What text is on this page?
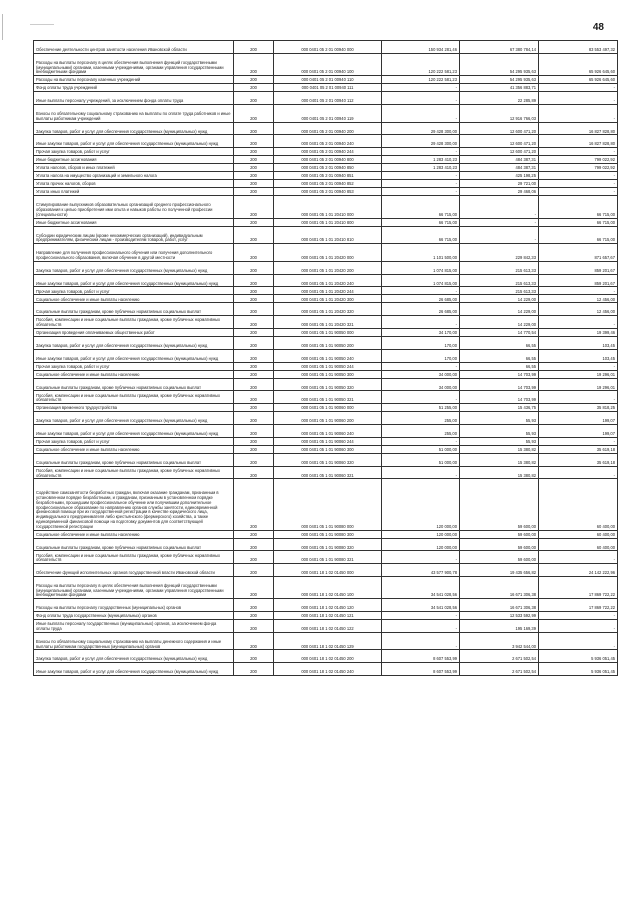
48
Обеспечение деятельности центров занятости населения Ивановской области	200	000 0401 05 2 01 00940 000	150 934 281,46	67 380 784,14	83 553 497,32
Расходы на выплаты персоналу в целях обеспечения выполнения функций государственными (муниципальными) органами, казенными учреждениями, органами управления государственными внебюджетными фондами	200	000 0401 05 2 01 00940 100	120 222 581,23	54 295 935,63	65 926 645,60
Расходы на выплаты персоналу казенных учреждений	200	000 0401 05 2 01 00940 110	120 222 581,23	54 295 935,63	65 926 645,60
Фонд оплаты труда учреждений	200	000 0401 05 2 01 00940 111	-	41 356 883,71	-
Иные выплаты персоналу учреждений, за исключением фонда оплаты труда	200	000 0401 05 2 01 00940 112	-	22 285,89	-
Взносы по обязательному социальному страхованию на выплаты по оплате труда работников и иные выплаты работникам учреждений	200	000 0401 05 2 01 00940 119	-	12 916 766,03	-
Закупка товаров, работ и услуг для обеспечения государственных (муниципальных) нужд	200	000 0401 05 2 01 00940 200	29 428 300,00	12 600 471,20	16 827 828,80
Иные закупки товаров, работ и услуг для обеспечения государственных (муниципальных) нужд	200	000 0401 05 2 01 00940 240	29 428 300,00	12 600 471,20	16 827 828,80
Прочая закупка товаров, работ и услуг	200	000 0401 05 2 01 00940 244	-	12 600 471,20	-
Иные бюджетные ассигнования	200	000 0401 05 2 01 00940 800	1 283 410,23	484 387,31	799 022,92
Уплата налогов, сборов и иных платежей	200	000 0401 05 2 01 00940 850	1 283 410,23	484 387,31	799 022,92
Уплата налога на имущество организаций и земельного налога	200	000 0401 05 2 01 00940 851	-	425 198,25	-
Уплата прочих налогов, сборов	200	000 0401 05 2 01 00940 852	-	29 721,00	-
Уплата иных платежей	200	000 0401 05 2 01 00940 853	-	29 468,06	-
Стимулирование выпускников образовательных организаций среднего профессионального образования к целью приобретения ими опыта и навыков работы по полученной профессии (специальности)	200	000 0401 05 1 01 20410 000	66 715,00	-	66 715,00
Иные бюджетные ассигнования	200	000 0401 05 1 01 20410 800	66 715,00	-	66 715,00
Субсидии юридическим лицам (кроме некоммерческих организаций), индивидуальным предпринимателям, физическим лицам - производителям товаров, работ, услуг	200	000 0401 05 1 01 20410 810	66 715,00	-	66 715,00
Направление для получения профессионального обучения или получения дополнительного профессионального образования, включая обучение в другой местности	200	000 0401 05 1 01 20420 000	1 101 500,00	229 842,33	871 657,67
Закупка товаров, работ и услуг для обеспечения государственных (муниципальных) нужд	200	000 0401 05 1 01 20420 200	1 074 815,00	215 613,33	859 201,67
Иные закупки товаров, работ и услуг для обеспечения государственных (муниципальных) нужд	200	000 0401 05 1 01 20420 240	1 074 815,00	215 613,33	859 201,67
Прочая закупка товаров, работ и услуг	200	000 0401 05 1 01 20420 244	-	215 613,33	-
Социальное обеспечение и иные выплаты населению	200	000 0401 05 1 01 20420 300	26 685,00	14 229,00	12 456,00
Социальные выплаты гражданам, кроме публичных нормативных социальных выплат	200	000 0401 05 1 01 20420 320	26 685,00	14 229,00	12 456,00
Пособия, компенсации и иные социальные выплаты гражданам, кроме публичных нормативных обязательств	200	000 0401 05 1 01 20420 321	-	14 229,00	-
Организация проведения оплачиваемых общественных работ	200	000 0401 05 1 01 90050 000	34 170,00	14 770,54	19 399,46
Закупка товаров, работ и услуг для обеспечения государственных (муниципальных) нужд	200	000 0401 05 1 01 90050 200	170,00	66,55	103,45
Иные закупки товаров, работ и услуг для обеспечения государственных (муниципальных) нужд	200	000 0401 05 1 01 90050 240	170,00	66,55	103,45
Прочая закупка товаров, работ и услуг	200	000 0401 05 1 01 90050 244	-	66,55	-
Социальное обеспечение и иные выплаты населению	200	000 0401 05 1 01 90050 300	34 000,00	14 703,99	19 296,01
Социальные выплаты гражданам, кроме публичных нормативных социальных выплат	200	000 0401 05 1 01 90050 320	34 000,00	14 703,99	19 296,01
Пособия, компенсации и иные социальные выплаты гражданам, кроме публичных нормативных обязательств	200	000 0401 05 1 01 90050 321	-	14 703,99	-
Организация временного трудоустройства	200	000 0401 05 1 01 90060 000	51 255,00	15 436,75	35 818,25
Закупка товаров, работ и услуг для обеспечения государственных (муниципальных) нужд	200	000 0401 05 1 01 90060 200	255,00	55,93	199,07
Иные закупки товаров, работ и услуг для обеспечения государственных (муниципальных) нужд	200	000 0401 05 1 01 90060 240	255,00	55,93	199,07
Прочая закупка товаров, работ и услуг	200	000 0401 05 1 01 90060 244	-	55,93	-
Социальное обеспечение и иные выплаты населению	200	000 0401 05 1 01 90060 300	51 000,00	15 380,82	35 619,18
Социальные выплаты гражданам, кроме публичных нормативных социальных выплат	200	000 0401 05 1 01 90060 320	51 000,00	15 380,82	35 619,18
Пособия, компенсации и иные социальные выплаты гражданам, кроме публичных нормативных обязательств	200	000 0401 05 1 01 90060 321	-	15 380,82	-
Содействие самозанятости безработных граждан, включая оказание гражданам, признанным в установленном порядке безработными, и гражданам, признанным в установленном порядке безработными, прошедшим профессиональное обучение или получившим дополнительное профессиональное образование по направлению органов службы занятости, единовременной финансовой помощи при их государственной регистрации в качестве юридического лица, индивидуального предпринимателя либо крестьянского (фермерского) хозяйства, а также единовременной финансовой помощи на подготовку документов для соответствующей государственной регистрации	200	000 0401 05 1 01 90080 000	120 000,00	59 600,00	60 400,00
Социальное обеспечение и иные выплаты населению	200	000 0401 05 1 01 90080 300	120 000,00	59 600,00	60 400,00
Социальные выплаты гражданам, кроме публичных нормативных социальных выплат	200	000 0401 05 1 01 90080 320	120 000,00	59 600,00	60 400,00
Пособия, компенсации и иные социальные выплаты гражданам, кроме публичных нормативных обязательств	200	000 0401 05 1 01 90080 321	-	59 600,00	-
Обеспечение функций исполнительных органов государственной власти Ивановской области	200	000 0401 18 1 02 01450 000	43 577 900,78	19 435 656,82	24 142 222,96
Расходы на выплаты персоналу в целях обеспечения выполнения функций государственными (муниципальными) органами, казенными учреждениями, органами управления государственными внебюджетными фондами	200	000 0401 18 1 02 01450 100	34 541 028,56	16 671 306,38	17 869 722,22
Расходы на выплаты персоналу государственных (муниципальных) органов	200	000 0401 18 1 02 01450 120	34 541 028,56	16 671 306,38	17 869 722,22
Фонд оплаты труда государственных (муниципальных) органов	200	000 0401 18 1 02 01450 121	-	12 533 592,99	-
Иные выплаты персоналу государственных (муниципальных) органов, за исключением фонда оплаты труда	200	000 0401 18 1 02 01450 122	-	195 169,39	-
Взносы по обязательному социальному страхованию на выплаты денежного содержания и иные выплаты работникам государственных (муниципальных) органов	200	000 0401 18 1 02 01450 129	-	3 942 544,00	-
Закупка товаров, работ и услуг для обеспечения государственных (муниципальных) нужд	200	000 0401 18 1 02 01450 200	8 607 553,99	2 671 502,54	5 936 051,45
Иные закупки товаров, работ и услуг для обеспечения государственных (муниципальных) нужд	200	000 0401 18 1 02 01450 240	8 607 553,99	2 671 502,54	5 936 051,45
